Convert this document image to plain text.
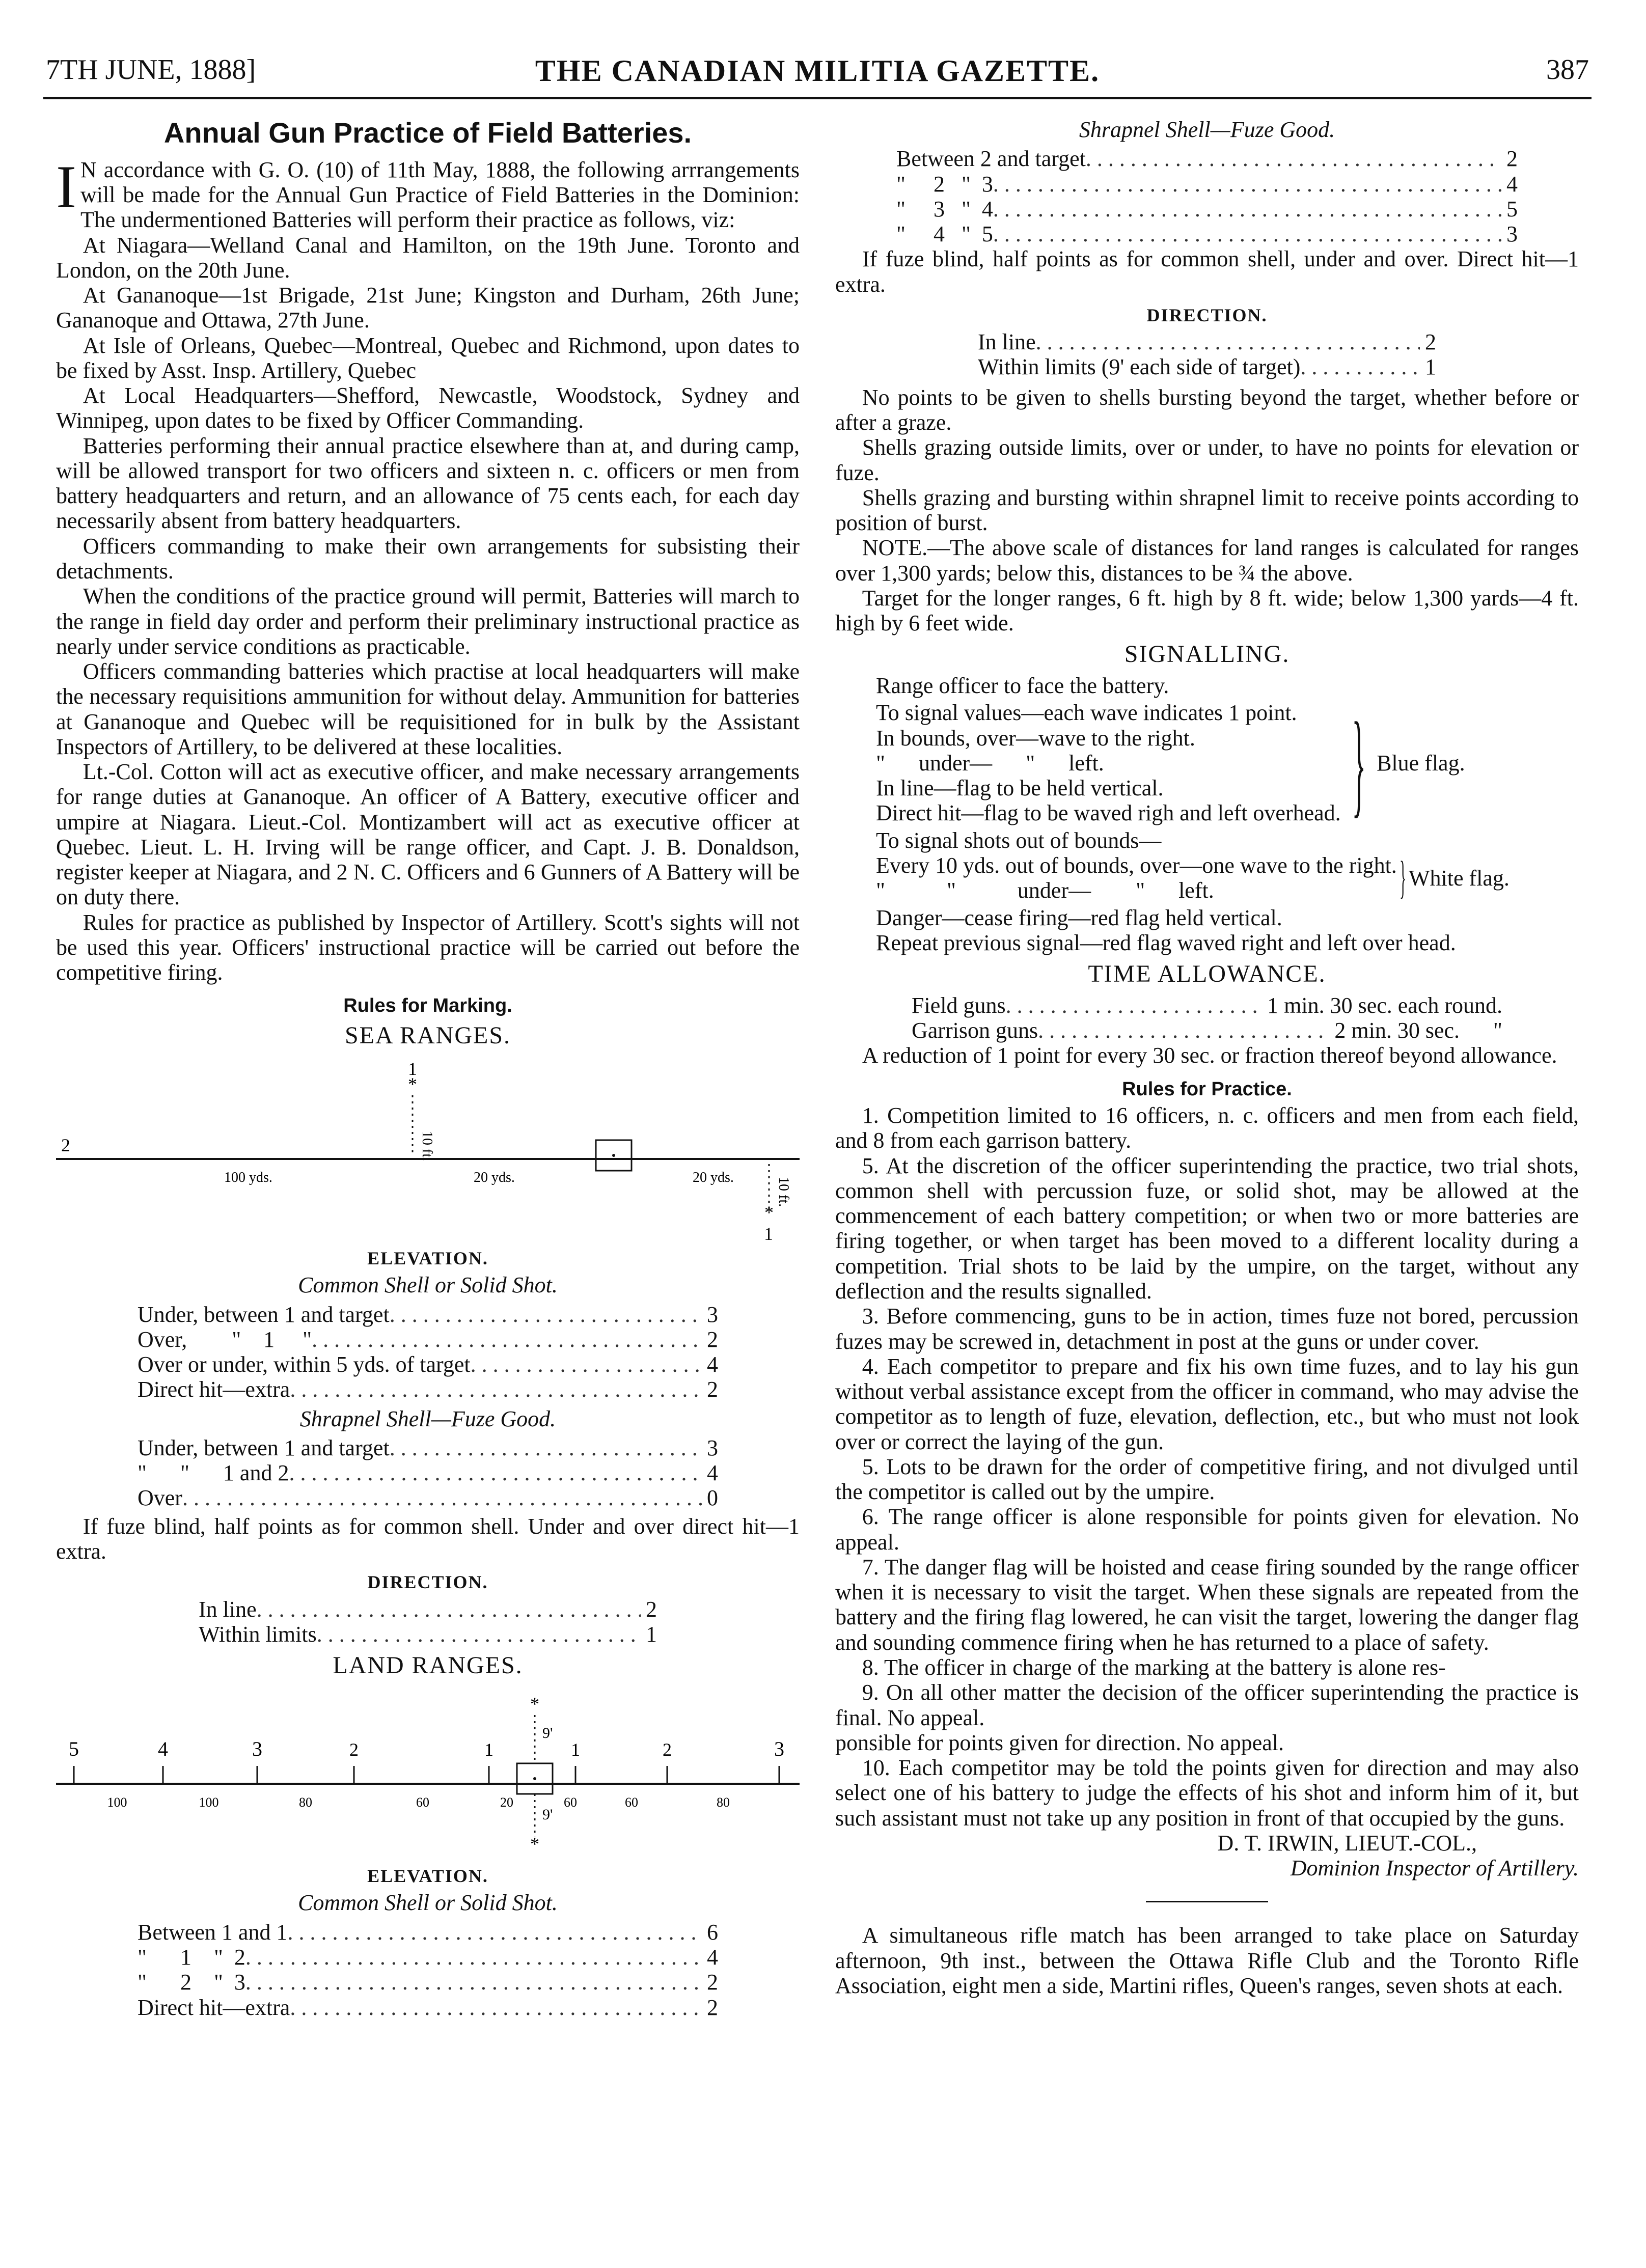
7TH JUNE, 1888]	THE CANADIAN MILITIA GAZETTE.	387
Annual Gun Practice of Field Batteries.

I N accordance with G. O. (10) of 11th May, 1888, the following arrrangements will be made for the Annual Gun Practice of Field Batteries in the Dominion: The undermentioned Batteries will perform their practice as follows, viz:

At Niagara—Welland Canal and Hamilton, on the 19th June. Toronto and London, on the 20th June.

At Gananoque—1st Brigade, 21st June; Kingston and Durham, 26th June; Gananoque and Ottawa, 27th June.

At Isle of Orleans, Quebec—Montreal, Quebec and Richmond, upon dates to be fixed by Asst. Insp. Artillery, Quebec

At Local Headquarters—Shefford, Newcastle, Woodstock, Sydney and Winnipeg, upon dates to be fixed by Officer Commanding.

Batteries performing their annual practice elsewhere than at, and during camp, will be allowed transport for two officers and sixteen n. c. officers or men from battery headquarters and return, and an allowance of 75 cents each, for each day necessarily absent from battery headquarters.

Officers commanding to make their own arrangements for subsisting their detachments.

When the conditions of the practice ground will permit, Batteries will march to the range in field day order and perform their preliminary instructional practice as nearly under service conditions as practicable.

Officers commanding batteries which practise at local headquarters will make the necessary requisitions ammunition for without delay. Ammunition for batteries at Gananoque and Quebec will be requisitioned for in bulk by the Assistant Inspectors of Artillery, to be delivered at these localities.

Lt.-Col. Cotton will act as executive officer, and make necessary arrangements for range duties at Gananoque. An officer of A Battery, executive officer and umpire at Niagara. Lieut.-Col. Montizambert will act as executive officer at Quebec. Lieut. L. H. Irving will be range officer, and Capt. J. B. Donaldson, register keeper at Niagara, and 2 N. C. Officers and 6 Gunners of A Battery will be on duty there.

Rules for practice as published by Inspector of Artillery. Scott's sights will not be used this year. Officers' instructional practice will be carried out before the competitive firing.

Rules for Marking.
SEA RANGES.
1
*
10 ft.
2
100 yds.	20 yds.	20 yds.	10 ft.
*
1
ELEVATION.
Common Shell or Solid Shot.
Under, between 1 and target . . .	3
Over,        "    1     " . . .	2
Over or under, within 5 yds. of target . . .	4
Direct hit—extra . . .	2
Shrapnel Shell—Fuze Good.
Under, between 1 and target . . .	3
"      "      1 and 2 . . .	4
Over . . .	0

If fuze blind, half points as for common shell. Under and over direct hit—1 extra.

DIRECTION.
In line . . .	2
Within limits . . .	1
LAND RANGES.
*
9'
5	4	3	2	1	1	2	3
100	100	80	60	20	60	60	80
9'
*
ELEVATION.
Common Shell or Solid Shot.
Between 1 and 1 . . .	6
"      1    "  2 . . .	4
"      2    "  3 . . .	2
Direct hit—extra . . .	2
Shrapnel Shell—Fuze Good.
Between 2 and target . . .	2
"     2   "  3 . . .	4
"     3   "  4 . . .	5
"     4   "  5 . . .	3

If fuze blind, half points as for common shell, under and over. Direct hit—1 extra.

DIRECTION.
In line . . .	2
Within limits (9' each side of target) . . .	1

No points to be given to shells bursting beyond the target, whether before or after a graze.

Shells grazing outside limits, over or under, to have no points for elevation or fuze.

Shells grazing and bursting within shrapnel limit to receive points according to position of burst.

NOTE.—The above scale of distances for land ranges is calculated for ranges over 1,300 yards; below this, distances to be ¾ the above.

Target for the longer ranges, 6 ft. high by 8 ft. wide; below 1,300 yards—4 ft. high by 6 feet wide.

SIGNALLING.
Range officer to face the battery.
To signal values—each wave indicates 1 point.
In bounds, over—wave to the right.
"      under—      "      left.
In line—flag to be held vertical.
Direct hit—flag to be waved righ and left overhead. } Blue flag.
To signal shots out of bounds—
Every 10 yds. out of bounds, over—one wave to the right.
"           "           under—        "      left.	} White flag.
Danger—cease firing—red flag held vertical.
Repeat previous signal—red flag waved right and left over head.
TIME ALLOWANCE.
Field guns . . .	1 min. 30 sec. each round.
Garrison guns . . .	2 min. 30 sec.      "

A reduction of 1 point for every 30 sec. or fraction thereof beyond allowance.

Rules for Practice.

1. Competition limited to 16 officers, n. c. officers and men from each field, and 8 from each garrison battery.

5. At the discretion of the officer superintending the practice, two trial shots, common shell with percussion fuze, or solid shot, may be allowed at the commencement of each battery competition; or when two or more batteries are firing together, or when target has been moved to a different locality during a competition. Trial shots to be laid by the umpire, on the target, without any deflection and the results signalled.

3. Before commencing, guns to be in action, times fuze not bored, percussion fuzes may be screwed in, detachment in post at the guns or under cover.

4. Each competitor to prepare and fix his own time fuzes, and to lay his gun without verbal assistance except from the officer in command, who may advise the competitor as to length of fuze, elevation, deflection, etc., but who must not look over or correct the laying of the gun.

5. Lots to be drawn for the order of competitive firing, and not divulged until the competitor is called out by the umpire.

6. The range officer is alone responsible for points given for elevation. No appeal.

7. The danger flag will be hoisted and cease firing sounded by the range officer when it is necessary to visit the target. When these signals are repeated from the battery and the firing flag lowered, he can visit the target, lowering the danger flag and sounding commence firing when he has returned to a place of safety.

8. The officer in charge of the marking at the battery is alone res-

9. On all other matter the decision of the officer superintending the practice is final. No appeal.

ponsible for points given for direction. No appeal.

10. Each competitor may be told the points given for direction and may also select one of his battery to judge the effects of his shot and inform him of it, but such assistant must not take up any position in front of that occupied by the guns.

D. T. IRWIN, LIEUT.-COL.,
Dominion Inspector of Artillery.

A simultaneous rifle match has been arranged to take place on Saturday afternoon, 9th inst., between the Ottawa Rifle Club and the Toronto Rifle Association, eight men a side, Martini rifles, Queen's ranges, seven shots at each.
